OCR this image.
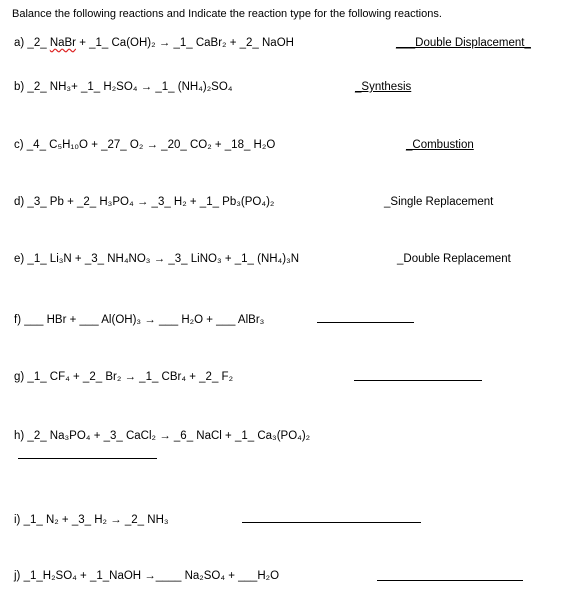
Balance the following reactions and Indicate the reaction type for the following reactions.
a) _2_ NaBr + _1_ Ca(OH)₂ → _1_ CaBr₂ + _2_ NaOH	___Double Displacement_
b) _2_ NH₃+ _1_ H₂SO₄ → _1_ (NH₄)₂SO₄	_Synthesis
c) _4_ C₅H₁₀O + _27_ O₂ → _20_ CO₂ + _18_ H₂O	_Combustion
d) _3_ Pb + _2_ H₃PO₄ → _3_ H₂ + _1_ Pb₃(PO₄)₂	_Single Replacement
e) _1_ Li₃N + _3_ NH₄NO₃ → _3_ LiNO₃ + _1_ (NH₄)₃N	_Double Replacement
f) ___ HBr + ___ Al(OH)₃ → ___ H₂O + ___ AlBr₃
g) _1_ CF₄ + _2_ Br₂ → _1_ CBr₄ + _2_ F₂
h) _2_ Na₃PO₄ + _3_ CaCl₂ → _6_ NaCl + _1_ Ca₃(PO₄)₂
i) _1_ N₂ + _3_ H₂ → _2_ NH₃
j) _1_H₂SO₄ + _1_NaOH →____ Na₂SO₄ + ___H₂O
